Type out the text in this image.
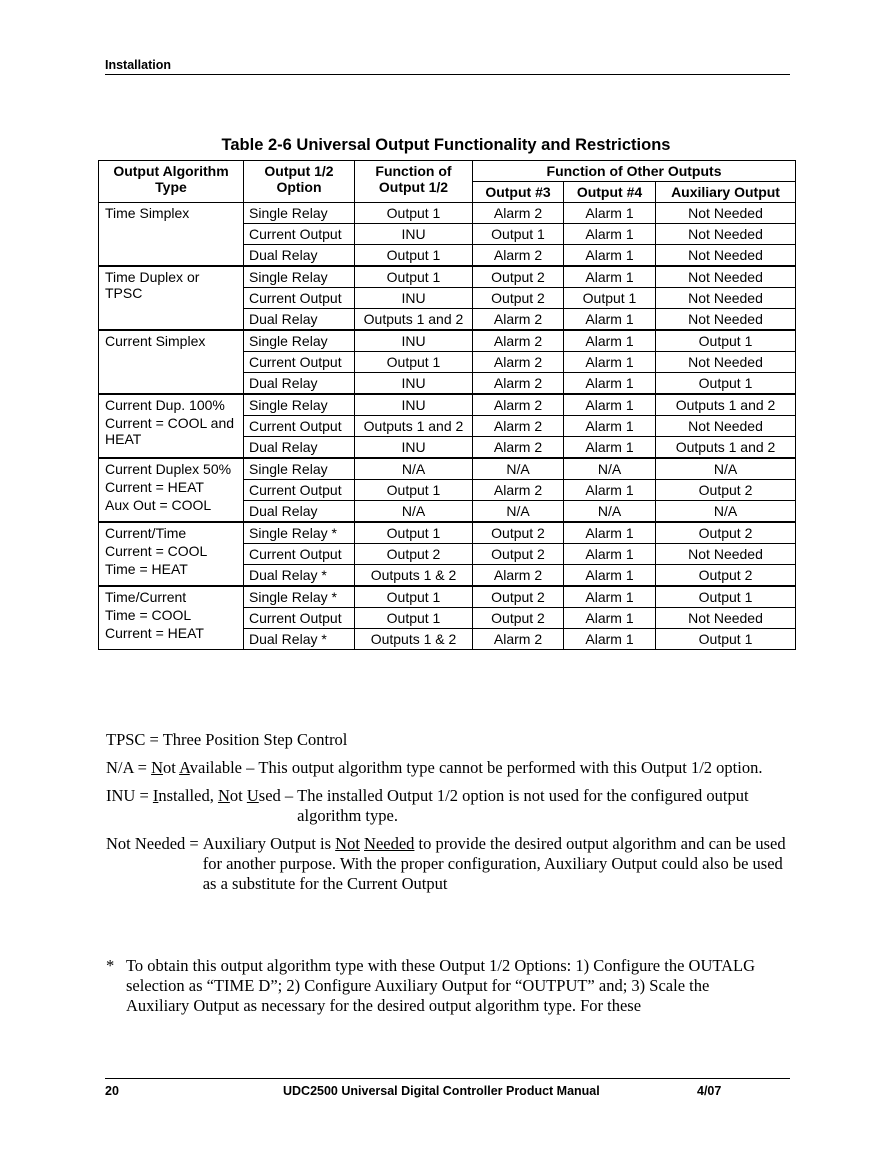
Installation
Table 2-6 Universal Output Functionality and Restrictions
Output Algorithm Type	Output 1/2 Option	Function of Output 1/2	Function of Other Outputs		
			Output #3	Output #4	Auxiliary Output

Time Simplex	Single Relay	Output 1	Alarm 2	Alarm 1	Not Needed
	Current Output	INU	Output 1	Alarm 1	Not Needed
	Dual Relay	Output 1	Alarm 2	Alarm 1	Not Needed

Time Duplex or TPSC	Single Relay	Output 1	Output 2	Alarm 1	Not Needed
	Current Output	INU	Output 2	Output 1	Not Needed
	Dual Relay	Outputs 1 and 2	Alarm 2	Alarm 1	Not Needed

Current Simplex	Single Relay	INU	Alarm 2	Alarm 1	Output 1
	Current Output	Output 1	Alarm 2	Alarm 1	Not Needed
	Dual Relay	INU	Alarm 2	Alarm 1	Output 1

Current Dup. 100%
Current = COOL and HEAT	Single Relay	INU	Alarm 2	Alarm 1	Outputs 1 and 2
	Current Output	Outputs 1 and 2	Alarm 2	Alarm 1	Not Needed
	Dual Relay	INU	Alarm 2	Alarm 1	Outputs 1 and 2

Current Duplex 50%
Current = HEAT
Aux Out = COOL	Single Relay	N/A	N/A	N/A	N/A
	Current Output	Output 1	Alarm 2	Alarm 1	Output 2
	Dual Relay	N/A	N/A	N/A	N/A

Current/Time
Current = COOL
Time = HEAT	Single Relay *	Output 1	Output 2	Alarm 1	Output 2
	Current Output	Output 2	Output 2	Alarm 1	Not Needed
	Dual Relay *	Outputs 1 & 2	Alarm 2	Alarm 1	Output 2

Time/Current
Time = COOL
Current = HEAT	Single Relay *	Output 1	Output 2	Alarm 1	Output 1
	Current Output	Output 1	Output 2	Alarm 1	Not Needed
	Dual Relay *	Outputs 1 & 2	Alarm 2	Alarm 1	Output 1
TPSC = Three Position Step Control
N/A = Not Available – This output algorithm type cannot be performed with this Output 1/2 option.
INU = Installed, Not Used – The installed Output 1/2 option is not used for the configured output algorithm type.
Not Needed = Auxiliary Output is Not Needed to provide the desired output algorithm and can be used for another purpose. With the proper configuration, Auxiliary Output could also be used as a substitute for the Current Output
* To obtain this output algorithm type with these Output 1/2 Options: 1) Configure the OUTALG selection as “TIME D”; 2) Configure Auxiliary Output for “OUTPUT” and; 3) Scale the Auxiliary Output as necessary for the desired output algorithm type. For these
20	UDC2500 Universal Digital Controller Product Manual	4/07
